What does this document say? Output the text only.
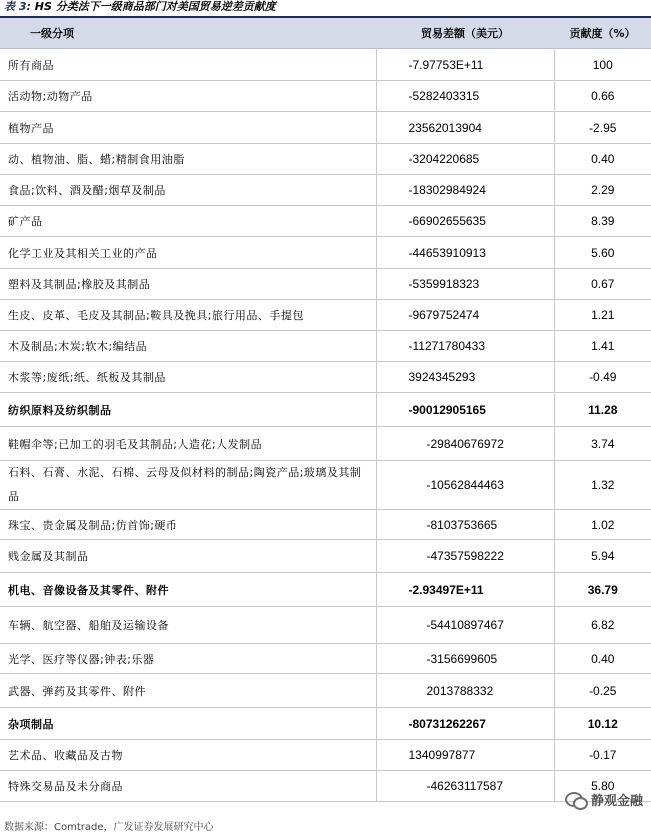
表 3: HS 分类法下一级商品部门对美国贸易逆差贡献度
一级分项	贸易差额（美元）	贡献度（%）
所有商品	-7.97753E+11	100
活动物;动物产品	-5282403315	0.66
植物产品	23562013904	-2.95
动、植物油、脂、蜡;精制食用油脂	-3204220685	0.40
食品;饮料、酒及醋;烟草及制品	-18302984924	2.29
矿产品	-66902655635	8.39
化学工业及其相关工业的产品	-44653910913	5.60
塑料及其制品;橡胶及其制品	-5359918323	0.67
生皮、皮革、毛皮及其制品;鞍具及挽具;旅行用品、手提包	-9679752474	1.21
木及制品;木炭;软木;编结品	-11271780433	1.41
木浆等;废纸;纸、纸板及其制品	3924345293	-0.49
纺织原料及纺织制品	-90012905165	11.28
鞋帽伞等;已加工的羽毛及其制品;人造花;人发制品	-29840676972	3.74
石料、石膏、水泥、石棉、云母及似材料的制品;陶瓷产品;玻璃及其制品	-10562844463	1.32
珠宝、贵金属及制品;仿首饰;硬币	-8103753665	1.02
贱金属及其制品	-47357598222	5.94
机电、音像设备及其零件、附件	-2.93497E+11	36.79
车辆、航空器、船舶及运输设备	-54410897467	6.82
光学、医疗等仪器;钟表;乐器	-3156699605	0.40
武器、弹药及其零件、附件	2013788332	-0.25
杂项制品	-80731262267	10.12
艺术品、收藏品及古物	1340997877	-0.17
特殊交易品及未分商品	-46263117587	5.80
静观金融
数据来源：Comtrade，广发证券发展研究中心
